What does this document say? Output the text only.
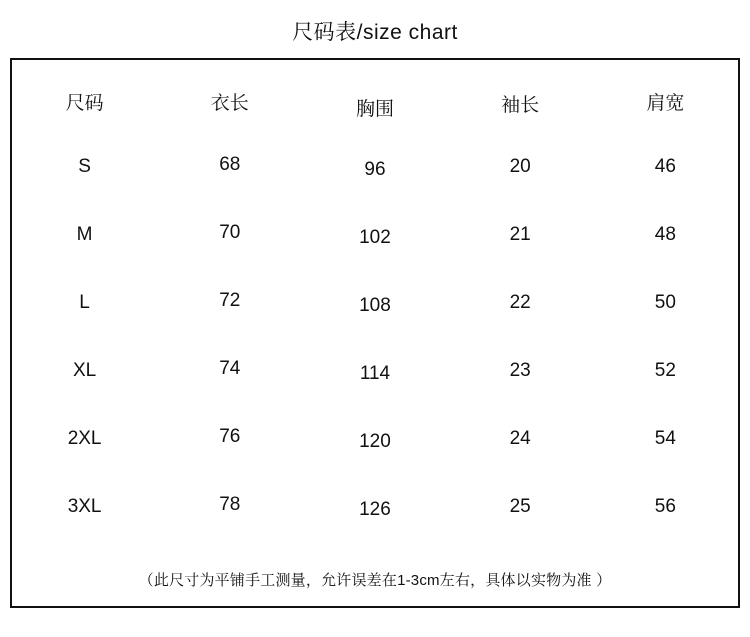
尺码表/size chart
尺码	衣长	胸围	袖长	肩宽
S	68	96	20	46
M	70	102	21	48
L	72	108	22	50
XL	74	114	23	52
2XL	76	120	24	54
3XL	78	126	25	56
（此尺寸为平铺手工测量，允许误差在1-3cm左右，具体以实物为准 ）
